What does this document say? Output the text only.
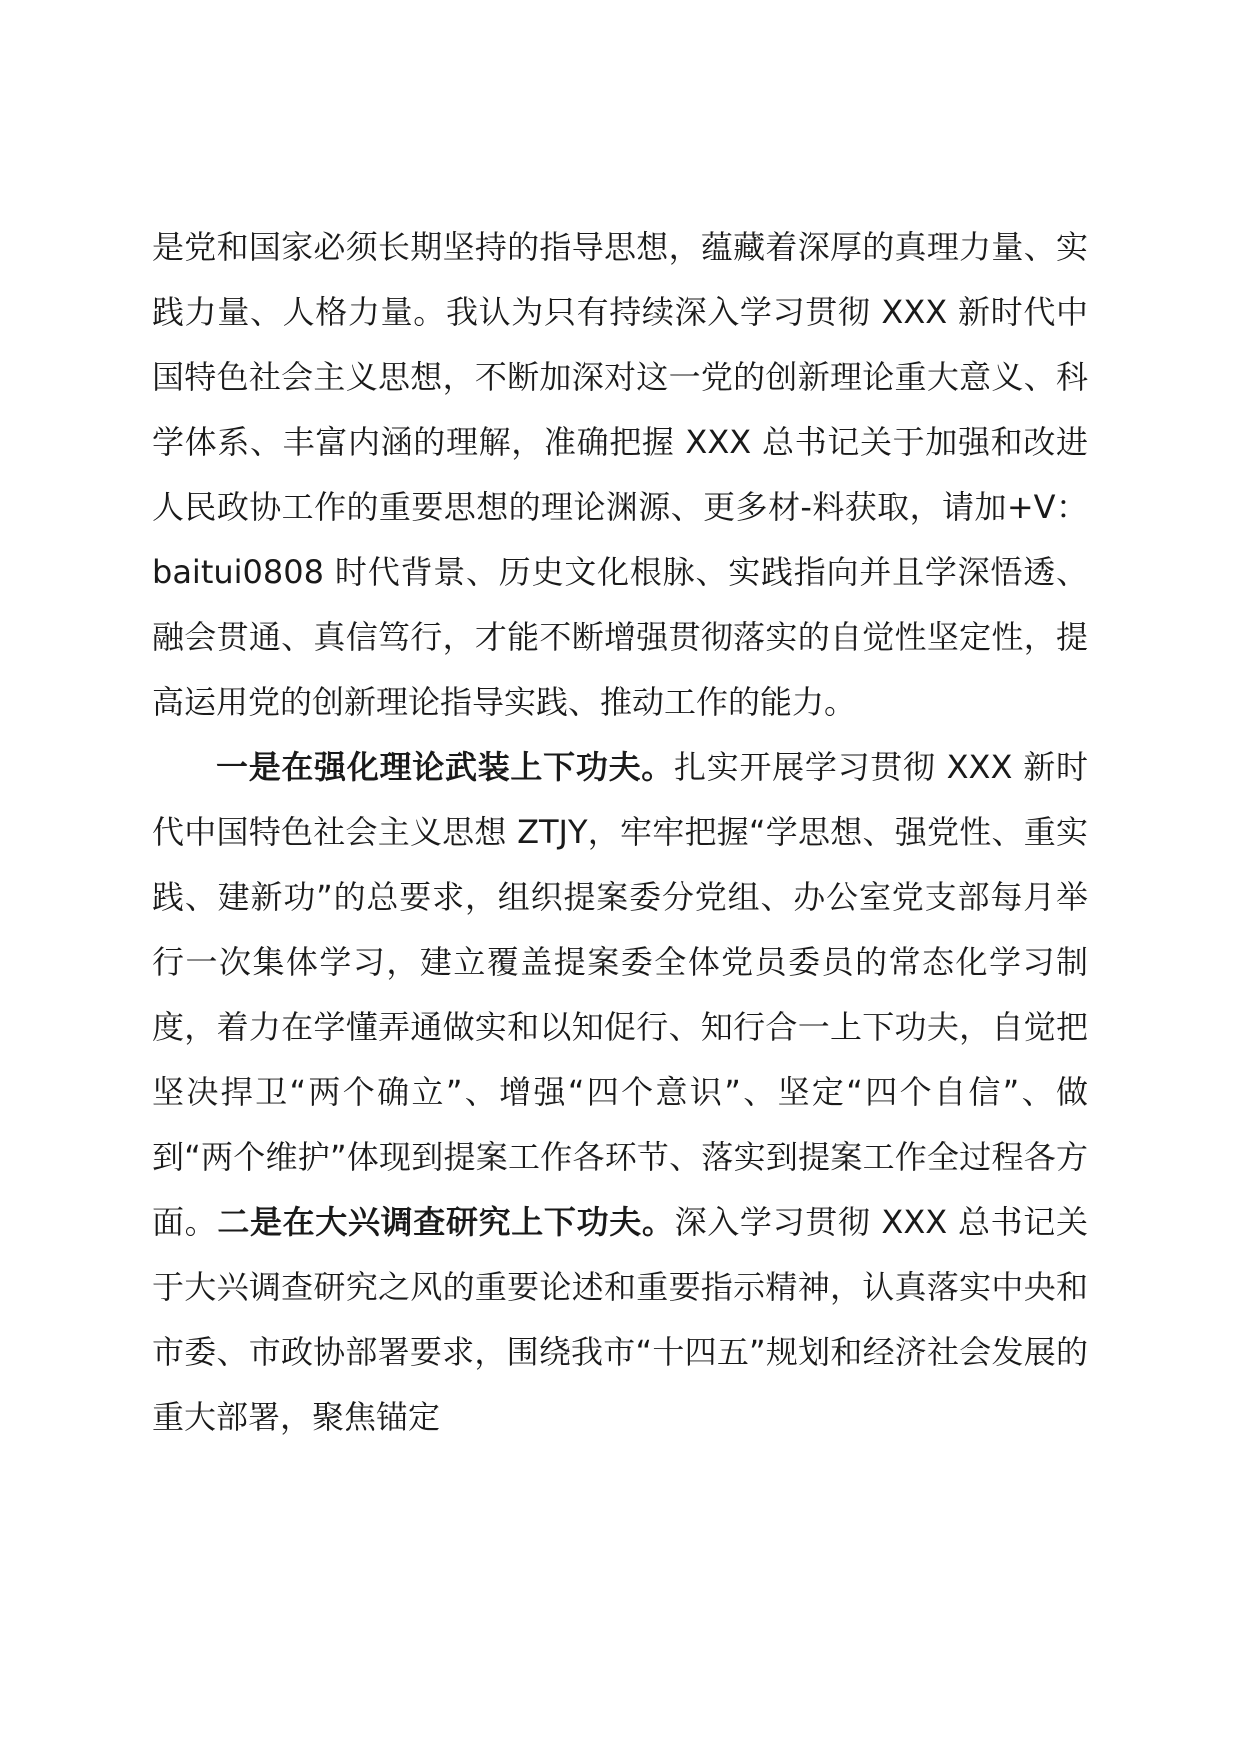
是党和国家必须长期坚持的指导思想，蕴藏着深厚的真理力量、实践力量、人格力量。我认为只有持续深入学习贯彻 XXX 新时代中国特色社会主义思想，不断加深对这一党的创新理论重大意义、科学体系、丰富内涵的理解，准确把握 XXX 总书记关于加强和改进人民政协工作的重要思想的理论渊源、更多材-料获取，请加+V：baitui0808 时代背景、历史文化根脉、实践指向并且学深悟透、融会贯通、真信笃行，才能不断增强贯彻落实的自觉性坚定性，提高运用党的创新理论指导实践、推动工作的能力。

一是在强化理论武装上下功夫。扎实开展学习贯彻 XXX 新时代中国特色社会主义思想 ZTJY，牢牢把握“学思想、强党性、重实践、建新功”的总要求，组织提案委分党组、办公室党支部每月举行一次集体学习，建立覆盖提案委全体党员委员的常态化学习制度，着力在学懂弄通做实和以知促行、知行合一上下功夫，自觉把坚决捍卫“两个确立”、增强“四个意识”、坚定“四个自信”、做到“两个维护”体现到提案工作各环节、落实到提案工作全过程各方面。二是在大兴调查研究上下功夫。深入学习贯彻 XXX 总书记关于大兴调查研究之风的重要论述和重要指示精神，认真落实中央和市委、市政协部署要求，围绕我市“十四五”规划和经济社会发展的重大部署，聚焦锚定
